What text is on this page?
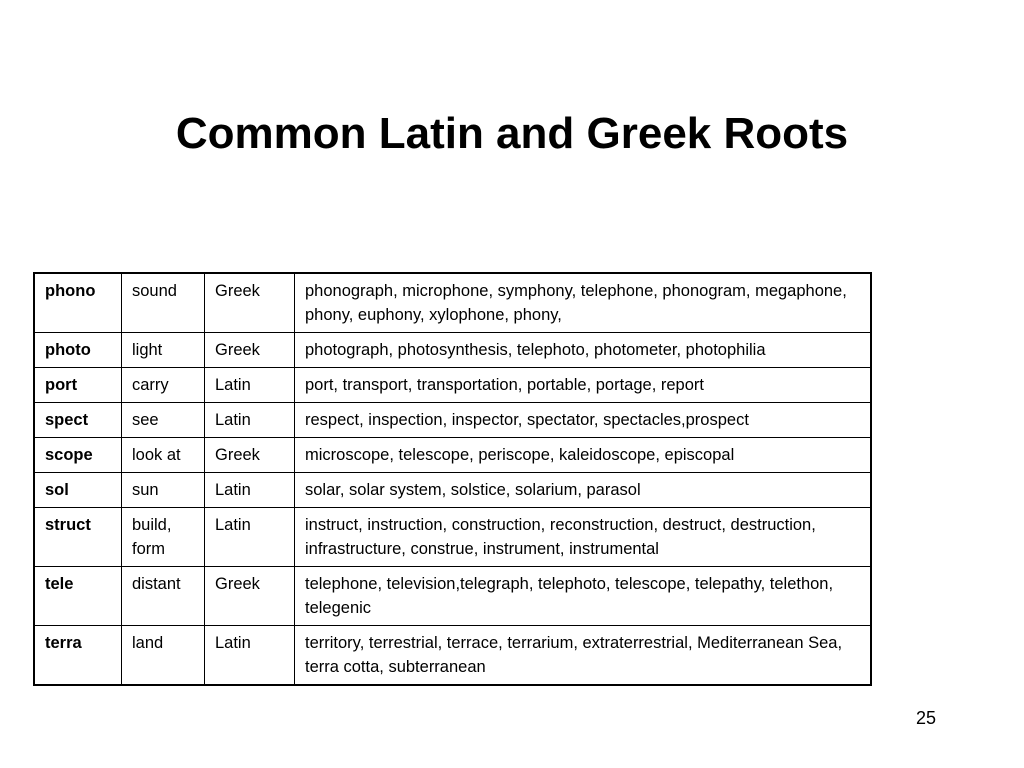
Common Latin and Greek Roots
phono	sound	Greek	phonograph, microphone, symphony, telephone, phonogram, megaphone, phony, euphony, xylophone, phony,
photo	light	Greek	photograph, photosynthesis, telephoto, photometer, photophilia
port	carry	Latin	port, transport, transportation, portable, portage, report
spect	see	Latin	respect, inspection, inspector, spectator, spectacles,prospect
scope	look at	Greek	microscope, telescope, periscope, kaleidoscope, episcopal
sol	sun	Latin	solar, solar system, solstice, solarium, parasol
struct	build, form	Latin	instruct, instruction, construction, reconstruction, destruct, destruction, infrastructure, construe, instrument, instrumental
tele	distant	Greek	telephone, television,telegraph, telephoto, telescope, telepathy, telethon, telegenic
terra	land	Latin	territory, terrestrial, terrace, terrarium, extraterrestrial, Mediterranean Sea, terra cotta, subterranean
25
